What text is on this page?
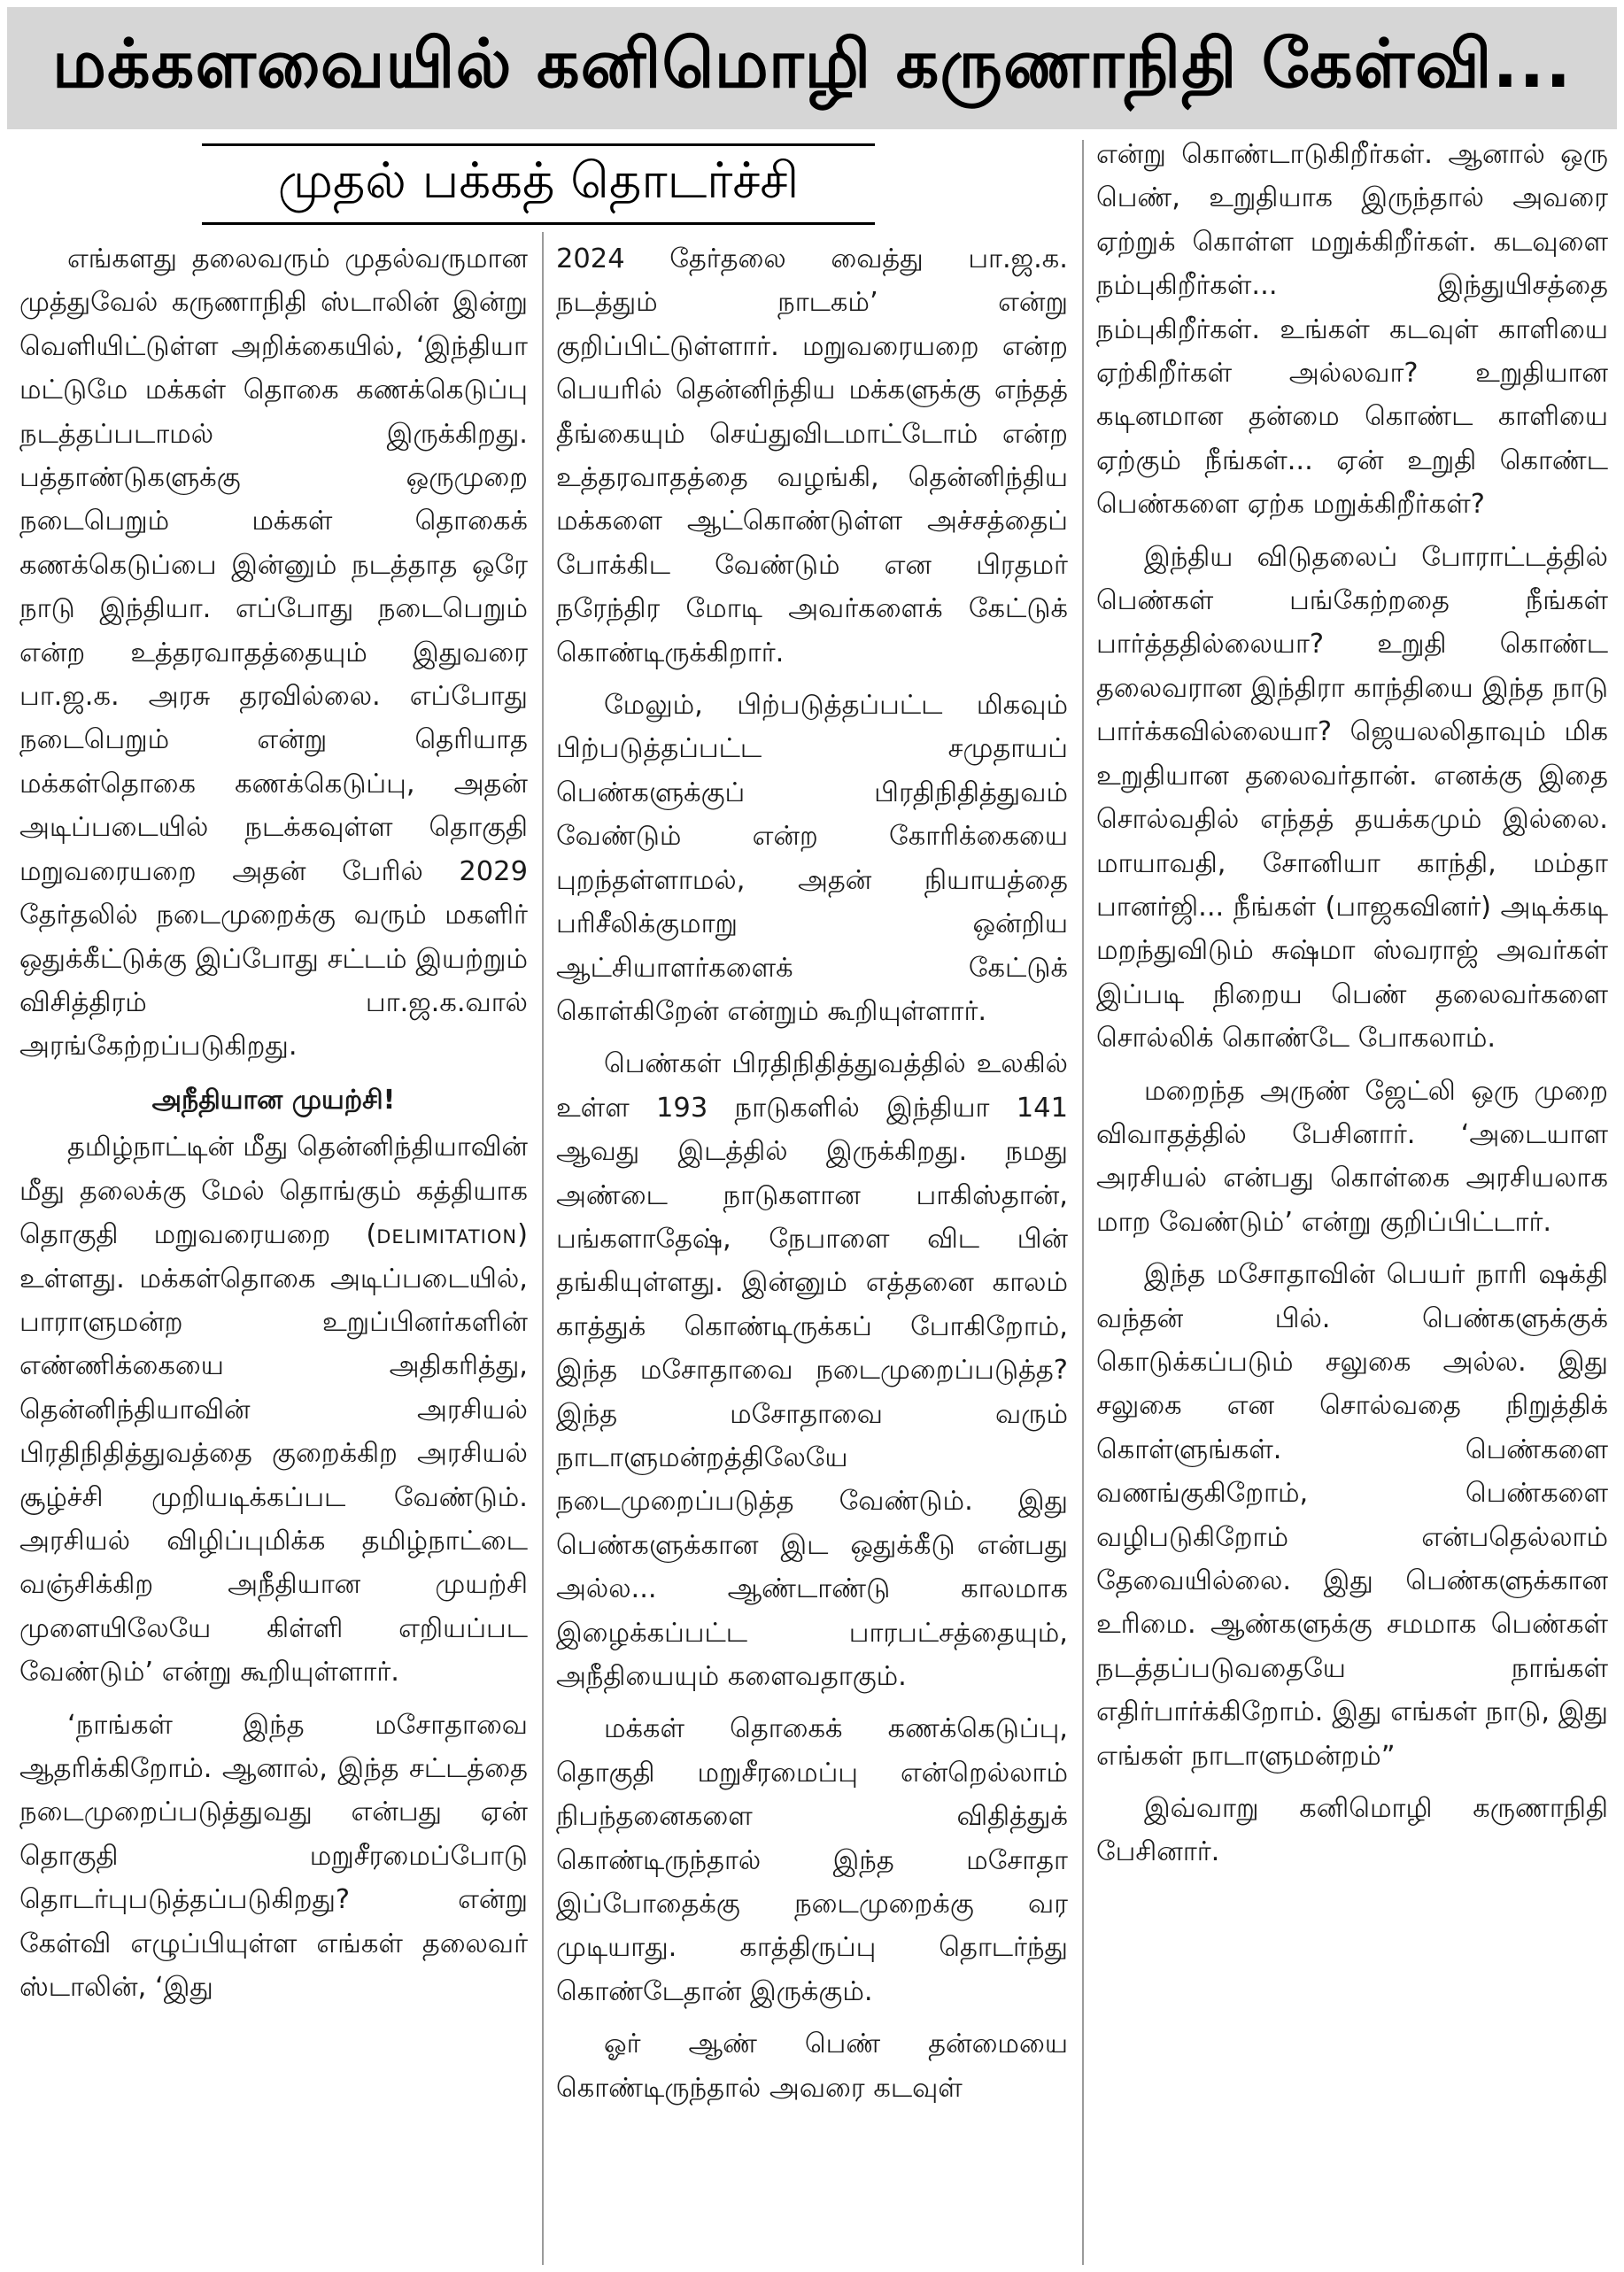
மக்களவையில் கனிமொழி கருணாநிதி கேள்வி...
முதல் பக்கத் தொடர்ச்சி

எங்களது தலைவரும் முதல்வருமான முத்துவேல் கருணாநிதி ஸ்டாலின் இன்று வெளியிட்டுள்ள அறிக்கையில், ‘இந்தியா மட்டுமே மக்கள் தொகை கணக்கெடுப்பு நடத்தப்படாமல் இருக்கிறது. பத்தாண்டுகளுக்கு ஒருமுறை நடைபெறும் மக்கள் தொகைக் கணக்கெடுப்பை இன்னும் நடத்தாத ஒரே நாடு இந்தியா. எப்போது நடைபெறும் என்ற உத்தரவாதத்தையும் இதுவரை பா.ஜ.க. அரசு தரவில்லை. எப்போது நடைபெறும் என்று தெரியாத மக்கள்தொகை கணக்கெடுப்பு, அதன் அடிப்படையில் நடக்கவுள்ள தொகுதி மறுவரையறை அதன் பேரில் 2029 தேர்தலில் நடைமுறைக்கு வரும் மகளிர் ஒதுக்கீட்டுக்கு இப்போது சட்டம் இயற்றும் விசித்திரம் பா.ஜ.க.வால் அரங்கேற்றப்படுகிறது.

அநீதியான முயற்சி!

தமிழ்நாட்டின் மீது தென்னிந்தியாவின் மீது தலைக்கு மேல் தொங்கும் கத்தியாக தொகுதி மறுவரையறை (DELIMITATION) உள்ளது. மக்கள்தொகை அடிப்படையில், பாராளுமன்ற உறுப்பினர்களின் எண்ணிக்கையை அதிகரித்து, தென்னிந்தியாவின் அரசியல் பிரதிநிதித்துவத்தை குறைக்கிற அரசியல் சூழ்ச்சி முறியடிக்கப்பட வேண்டும். அரசியல் விழிப்புமிக்க தமிழ்நாட்டை வஞ்சிக்கிற அநீதியான முயற்சி முளையிலேயே கிள்ளி எறியப்பட வேண்டும்’ என்று கூறியுள்ளார்.

‘நாங்கள் இந்த மசோதாவை ஆதரிக்கிறோம். ஆனால், இந்த சட்டத்தை நடைமுறைப்படுத்துவது என்பது ஏன் தொகுதி மறுசீரமைப்போடு தொடர்புபடுத்தப்படுகிறது? என்று கேள்வி எழுப்பியுள்ள எங்கள் தலைவர் ஸ்டாலின், ‘இது

2024 தேர்தலை வைத்து பா.ஜ.க. நடத்தும் நாடகம்’ என்று குறிப்பிட்டுள்ளார். மறுவரையறை என்ற பெயரில் தென்னிந்திய மக்களுக்கு எந்தத் தீங்கையும் செய்துவிடமாட்டோம் என்ற உத்தரவாதத்தை வழங்கி, தென்னிந்திய மக்களை ஆட்கொண்டுள்ள அச்சத்தைப் போக்கிட வேண்டும் என பிரதமர் நரேந்திர மோடி அவர்களைக் கேட்டுக் கொண்டிருக்கிறார்.

மேலும், பிற்படுத்தப்பட்ட மிகவும் பிற்படுத்தப்பட்ட சமுதாயப் பெண்களுக்குப் பிரதிநிதித்துவம் வேண்டும் என்ற கோரிக்கையை புறந்தள்ளாமல், அதன் நியாயத்தை பரிசீலிக்குமாறு ஒன்றிய ஆட்சியாளர்களைக் கேட்டுக் கொள்கிறேன் என்றும் கூறியுள்ளார்.

பெண்கள் பிரதிநிதித்துவத்தில் உலகில் உள்ள 193 நாடுகளில் இந்தியா 141 ஆவது இடத்தில் இருக்கிறது. நமது அண்டை நாடுகளான பாகிஸ்தான், பங்களாதேஷ், நேபாளை விட பின் தங்கியுள்ளது. இன்னும் எத்தனை காலம் காத்துக் கொண்டிருக்கப் போகிறோம், இந்த மசோதாவை நடைமுறைப்படுத்த? இந்த மசோதாவை வரும் நாடாளுமன்றத்திலேயே நடைமுறைப்படுத்த வேண்டும். இது பெண்களுக்கான இட ஒதுக்கீடு என்பது அல்ல... ஆண்டாண்டு காலமாக இழைக்கப்பட்ட பாரபட்சத்தையும், அநீதியையும் களைவதாகும்.

மக்கள் தொகைக் கணக்கெடுப்பு, தொகுதி மறுசீரமைப்பு என்றெல்லாம் நிபந்தனைகளை விதித்துக் கொண்டிருந்தால் இந்த மசோதா இப்போதைக்கு நடைமுறைக்கு வர முடியாது. காத்திருப்பு தொடர்ந்து கொண்டேதான் இருக்கும்.

ஓர் ஆண் பெண் தன்மையை கொண்டிருந்தால் அவரை கடவுள்

என்று கொண்டாடுகிறீர்கள். ஆனால் ஒரு பெண், உறுதியாக இருந்தால் அவரை ஏற்றுக் கொள்ள மறுக்கிறீர்கள். கடவுளை நம்புகிறீர்கள்... இந்துயிசத்தை நம்புகிறீர்கள். உங்கள் கடவுள் காளியை ஏற்கிறீர்கள் அல்லவா? உறுதியான கடினமான தன்மை கொண்ட காளியை ஏற்கும் நீங்கள்... ஏன் உறுதி கொண்ட பெண்களை ஏற்க மறுக்கிறீர்கள்?

இந்திய விடுதலைப் போராட்டத்தில் பெண்கள் பங்கேற்றதை நீங்கள் பார்த்ததில்லையா? உறுதி கொண்ட தலைவரான இந்திரா காந்தியை இந்த நாடு பார்க்கவில்லையா? ஜெயலலிதாவும் மிக உறுதியான தலைவர்தான். எனக்கு இதை சொல்வதில் எந்தத் தயக்கமும் இல்லை. மாயாவதி, சோனியா காந்தி, மம்தா பானர்ஜி... நீங்கள் (பாஜகவினர்) அடிக்கடி மறந்துவிடும் சுஷ்மா ஸ்வராஜ் அவர்கள் இப்படி நிறைய பெண் தலைவர்களை சொல்லிக் கொண்டே போகலாம்.

மறைந்த அருண் ஜேட்லி ஒரு முறை விவாதத்தில் பேசினார். ‘அடையாள அரசியல் என்பது கொள்கை அரசியலாக மாற வேண்டும்’ என்று குறிப்பிட்டார்.

இந்த மசோதாவின் பெயர் நாரி ஷக்தி வந்தன் பில். பெண்களுக்குக் கொடுக்கப்படும் சலுகை அல்ல. இது சலுகை என சொல்வதை நிறுத்திக் கொள்ளுங்கள். பெண்களை வணங்குகிறோம், பெண்களை வழிபடுகிறோம் என்பதெல்லாம் தேவையில்லை. இது பெண்களுக்கான உரிமை. ஆண்களுக்கு சமமாக பெண்கள் நடத்தப்படுவதையே நாங்கள் எதிர்பார்க்கிறோம். இது எங்கள் நாடு, இது எங்கள் நாடாளுமன்றம்”

இவ்வாறு கனிமொழி கருணாநிதி பேசினார்.
